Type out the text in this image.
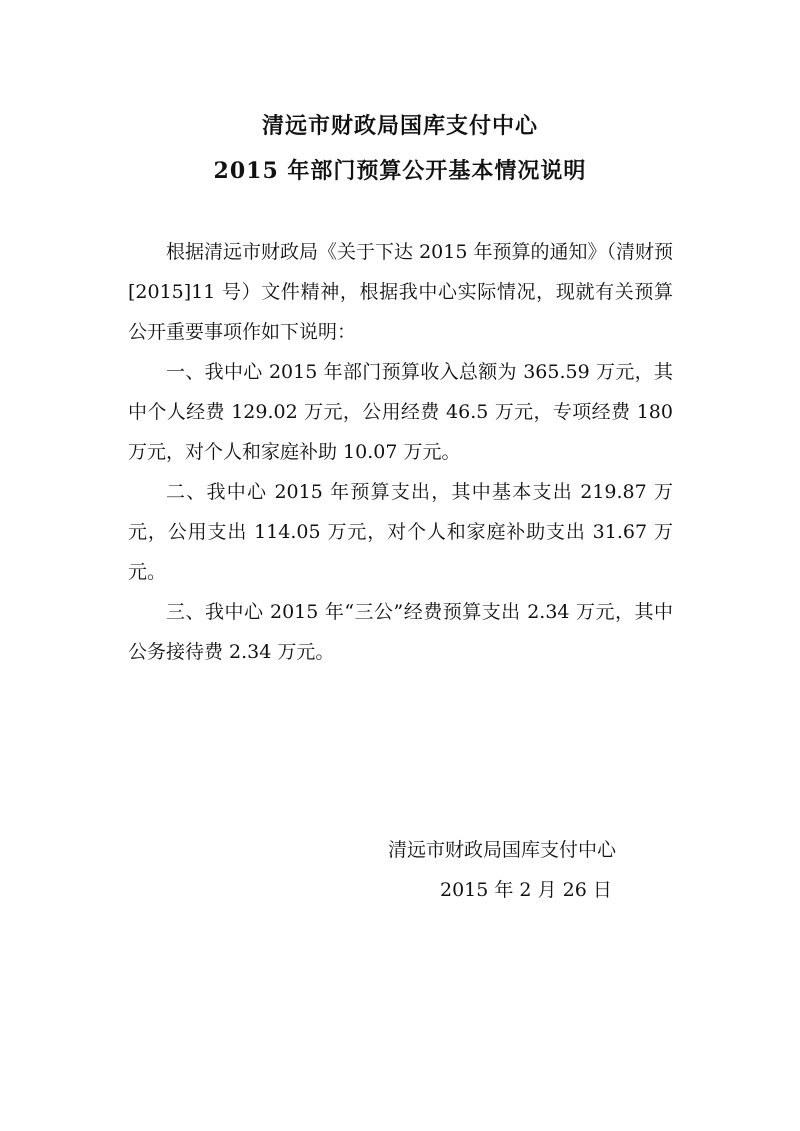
清远市财政局国库支付中心
2015 年部门预算公开基本情况说明

根据清远市财政局《关于下达 2015 年预算的通知》（清财预[2015]11 号）文件精神，根据我中心实际情况，现就有关预算公开重要事项作如下说明：

一、我中心 2015 年部门预算收入总额为 365.59 万元，其中个人经费 129.02 万元，公用经费 46.5 万元，专项经费 180 万元，对个人和家庭补助 10.07 万元。

二、我中心 2015 年预算支出，其中基本支出 219.87 万元，公用支出 114.05 万元，对个人和家庭补助支出 31.67 万元。

三、我中心 2015 年“三公”经费预算支出 2.34 万元，其中公务接待费 2.34 万元。

清远市财政局国库支付中心
2015 年 2 月 26 日
